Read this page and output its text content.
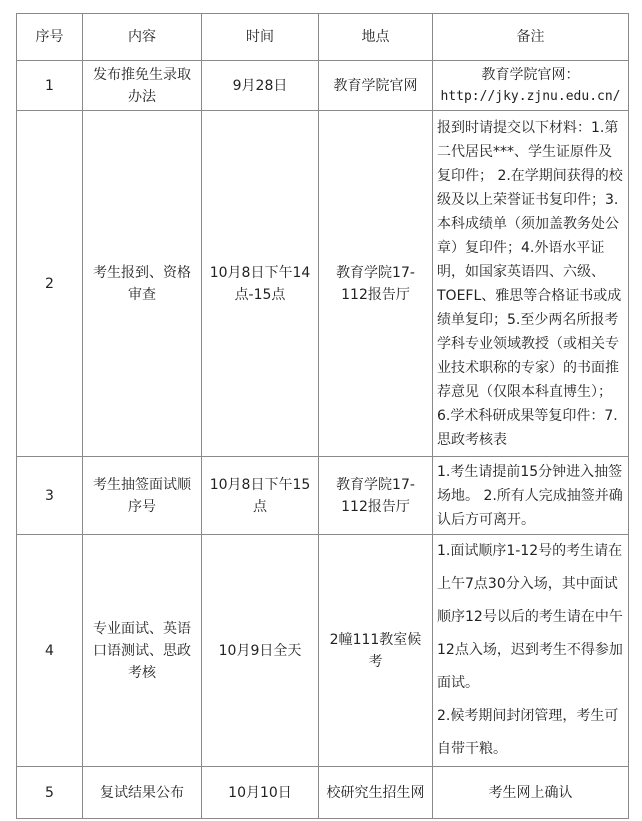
序号	内容	时间	地点	备注
1	发布推免生录取办法	9月28日	教育学院官网	教育学院官网：

http://jky.zjnu.edu.cn/

2	考生报到、资格审查	10月8日下午14点-15点	教育学院17-112报告厅	报到时请提交以下材料：1.第二代居民***、学生证原件及复印件； 2.在学期间获得的校级及以上荣誉证书复印件；3.本科成绩单（须加盖教务处公章）复印件；4.外语水平证明，如国家英语四、六级、TOEFL、雅思等合格证书或成绩单复印；5.至少两名所报考学科专业领域教授（或相关专业技术职称的专家）的书面推荐意见（仅限本科直博生）；6.学术科研成果等复印件：7.思政考核表

3	考生抽签面试顺序号	10月8日下午15点	教育学院17-112报告厅	1.考生请提前15分钟进入抽签场地。 2.所有人完成抽签并确认后方可离开。

4	专业面试、英语口语测试、思政考核	10月9日全天	2幢111教室候考	1.面试顺序1-12号的考生请在上午7点30分入场，其中面试顺序12号以后的考生请在中午12点入场，迟到考生不得参加面试。

2.候考期间封闭管理，考生可自带干粮。

5	复试结果公布	10月10日	校研究生招生网	考生网上确认
